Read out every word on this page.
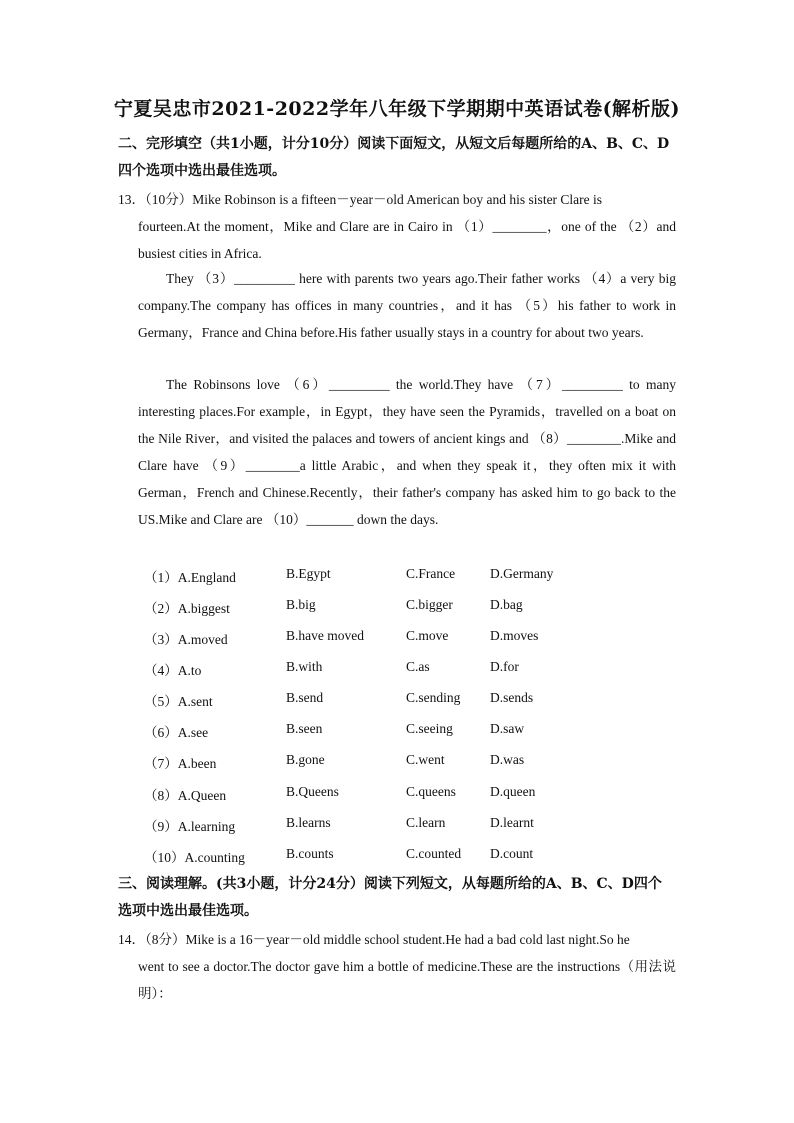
宁夏吴忠市2021-2022学年八年级下学期期中英语试卷(解析版)
二、完形填空（共1小题，计分10分）阅读下面短文，从短文后每题所给的A、B、C、D
四个选项中选出最佳选项。
13．（10分）Mike Robinson is a fifteen－year－old American boy and his sister Clare is
fourteen.At the moment，Mike and Clare are in Cairo in （1）________，one of the （2）and busiest cities in Africa.
They （3）_________ here with parents two years ago.Their father works （4）a very big company.The company has offices in many countries，and it has （5）his father to work in Germany，France and China before.His father usually stays in a country for about two years.
The Robinsons love （6）_________ the world.They have （7）_________ to many interesting places.For example，in Egypt，they have seen the Pyramids，travelled on a boat on the Nile River，and visited the palaces and towers of ancient kings and （8）________.Mike and Clare have （9）________a little Arabic，and when they speak it，they often mix it with German，French and Chinese.Recently，their father's company has asked him to go back to the US.Mike and Clare are （10）_______ down the days.
（1）A.England	B.Egypt	C.France	D.Germany
（2）A.biggest	B.big	C.bigger	D.bag
（3）A.moved	B.have moved	C.move	D.moves
（4）A.to	B.with	C.as	D.for
（5）A.sent	B.send	C.sending D.sends
（6）A.see	B.seen	C.seeing	D.saw
（7）A.been	B.gone	C.went	D.was
（8）A.Queen	B.Queens	C.queens	D.queen
（9）A.learning	B.learns	C.learn	D.learnt
（10）A.counting	B.counts	C.counted D.count
三、阅读理解。(共3小题，计分24分）阅读下列短文，从每题所给的A、B、C、D四个
选项中选出最佳选项。
14．（8分）Mike is a 16－year－old middle school student.He had a bad cold last night.So he
went to see a doctor.The doctor gave him a bottle of medicine.These are the instructions（用法说明）：
